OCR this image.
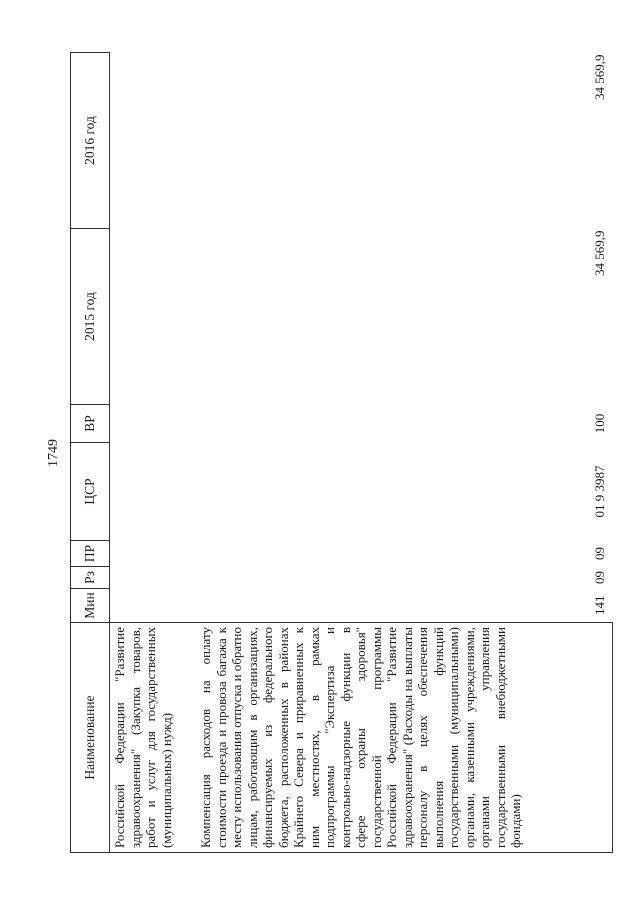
1749
Наименование	Мин	Рз	ПР	ЦСР	ВР	2015 год	2016 год
Российской Федерации "Развитие здравоохранения" (Закупка товаров, работ и услуг для государственных (муниципальных) нужд)							
Компенсация расходов на оплату стоимости проезда и провоза багажа к месту использования отпуска и обратно лицам, работающим в организациях, финансируемых из федерального бюджета, расположенных в районах Крайнего Севера и приравненных к ним местностях, в рамках подпрограммы "Экспертиза и контрольно-надзорные функции в сфере охраны здоровья" государственной программы Российской Федерации "Развитие здравоохранения" (Расходы на выплаты персоналу в целях обеспечения выполнения функций государственными (муниципальными) органами, казенными учреждениями, органами управления государственными внебюджетными фондами)	141	09	09	01 9 3987	100	34 569,9	34 569,9
